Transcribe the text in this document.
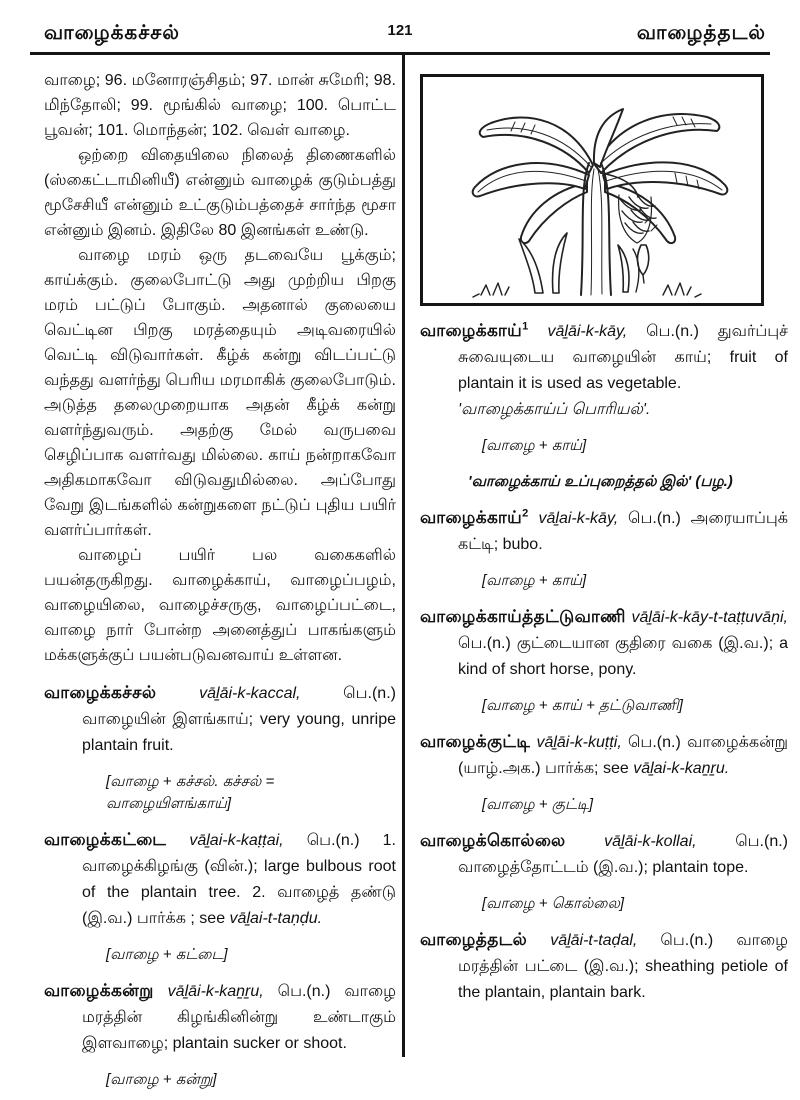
வாழைக்கச்சல்	121	வாழைத்தடல்

வாழை; 96. மனோரஞ்சிதம்; 97. மான் சுமேரி; 98. மிந்தோலி; 99. மூங்கில் வாழை; 100. பொட்ட பூவன்; 101. மொந்தன்; 102. வெள் வாழை.

ஒற்றை விதையிலை நிலைத் திணைகளில் (ஸ்கைட்டாமினியீ) என்னும் வாழைக் குடும்பத்து மூசேசியீ என்னும் உட்குடும்பத்தைச் சார்ந்த மூசா என்னும் இனம். இதிலே 80 இனங்கள் உண்டு.

வாழை மரம் ஒரு தடவையே பூக்கும்; காய்க்கும். குலைபோட்டு அது முற்றிய பிறகு மரம் பட்டுப் போகும். அதனால் குலையை வெட்டின பிறகு மரத்தையும் அடிவரையில் வெட்டி விடுவார்கள். கீழ்க் கன்று விடப்பட்டு வந்தது வளர்ந்து பெரிய மரமாகிக் குலைபோடும். அடுத்த தலைமுறையாக அதன் கீழ்க் கன்று வளர்ந்துவரும். அதற்கு மேல் வருபவை செழிப்பாக வளர்வது மில்லை. காய் நன்றாகவோ அதிகமாகவோ விடுவதுமில்லை. அப்போது வேறு இடங்களில் கன்றுகளை நட்டுப் புதிய பயிர் வளர்ப்பார்கள்.

வாழைப் பயிர் பல வகைகளில் பயன்தருகிறது. வாழைக்காய், வாழைப்பழம், வாழையிலை, வாழைச்சருகு, வாழைப்பட்டை, வாழை நார் போன்ற அனைத்துப் பாகங்களும் மக்களுக்குப் பயன்படுவனவாய் உள்ளன.

வாழைக்கச்சல்	vāḻāi-k-kaccal,	பெ.(n.) வாழையின் இளங்காய்; very young, unripe plantain fruit.

[வாழை + கச்சல். கச்சல் = வாழையிளங்காய்]

வாழைக்கட்டை vāḻai-k-kaṭṭai, பெ.(n.) 1. வாழைக்கிழங்கு (வின்.); large bulbous root of the plantain tree. 2. வாழைத் தண்டு (இ.வ.) பார்க்க ; see vāḻai-t-taṇḍu.

[வாழை + கட்டை]

வாழைக்கன்று vāḻāi-k-kaṉṟu, பெ.(n.) வாழை மரத்தின் கிழங்கினின்று உண்டாகும் இளவாழை; plantain sucker or shoot.

[வாழை + கன்று]

வாழைக்காய்$^1$ vāḻāi-k-kāy, பெ.(n.) துவர்ப்புச் சுவையுடைய வாழையின் காய்; fruit of plantain it is used as vegetable.
'வாழைக்காய்ப் பொரியல்'.

[வாழை + காய்]

'வாழைக்காய் உப்புறைத்தல் இல்' (பழ.)

வாழைக்காய்$^2$ vāḻai-k-kāy, பெ.(n.) அரையாப்புக் கட்டி; bubo.

[வாழை + காய்]

வாழைக்காய்த்தட்டுவாணி vāḻāi-k-kāy-t-taṭṭuvāṇi, பெ.(n.) குட்டையான குதிரை வகை (இ.வ.); a kind of short horse, pony.

[வாழை + காய் + தட்டுவாணி]

வாழைக்குட்டி vāḻāi-k-kuṭṭi, பெ.(n.) வாழைக்கன்று (யாழ்.அக.) பார்க்க; see vāḻai-k-kaṉṟu.

[வாழை + குட்டி]

வாழைக்கொல்லை vāḻāi-k-kollai, பெ.(n.) வாழைத்தோட்டம் (இ.வ.); plantain tope.

[வாழை + கொல்லை]

வாழைத்தடல் vāḻāi-t-taḍal, பெ.(n.) வாழை மரத்தின் பட்டை (இ.வ.); sheathing petiole of the plantain, plantain bark.
